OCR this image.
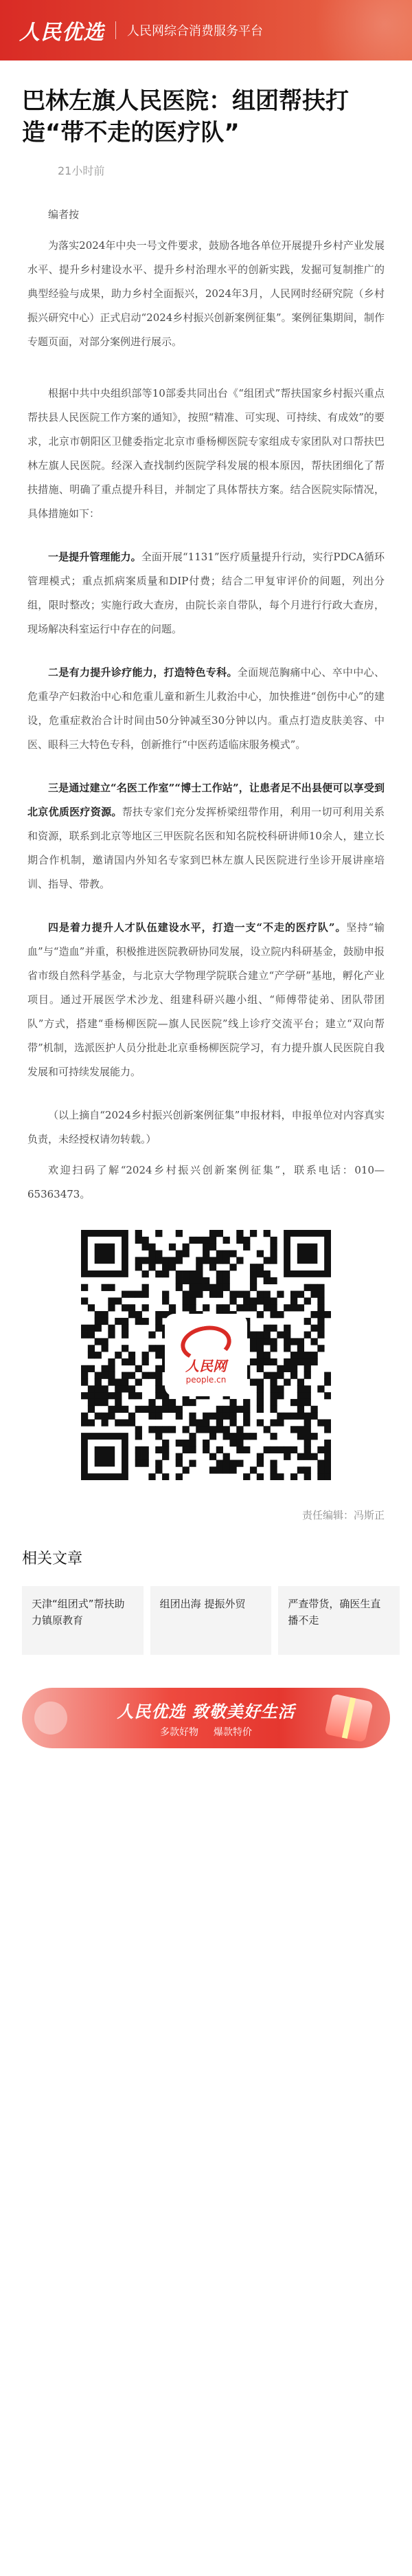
人民优选 人民网综合消费服务平台
巴林左旗人民医院：组团帮扶打造“带不走的医疗队”
21小时前

编者按

为落实2024年中央一号文件要求，鼓励各地各单位开展提升乡村产业发展水平、提升乡村建设水平、提升乡村治理水平的创新实践，发掘可复制推广的典型经验与成果，助力乡村全面振兴，2024年3月，人民网时经研究院（乡村振兴研究中心）正式启动“2024乡村振兴创新案例征集”。案例征集期间，制作专题页面，对部分案例进行展示。

根据中共中央组织部等10部委共同出台《“组团式”帮扶国家乡村振兴重点帮扶县人民医院工作方案的通知》，按照“精准、可实现、可持续、有成效”的要求，北京市朝阳区卫健委指定北京市垂杨柳医院专家组成专家团队对口帮扶巴林左旗人民医院。经深入查找制约医院学科发展的根本原因，帮扶团细化了帮扶措施、明确了重点提升科目，并制定了具体帮扶方案。结合医院实际情况，具体措施如下：

一是提升管理能力。全面开展“1131”医疗质量提升行动，实行PDCA循环管理模式；重点抓病案质量和DIP付费；结合二甲复审评价的间题，列出分组，限时整改；实施行政大查房，由院长亲自带队，每个月进行行政大查房，现场解决科室运行中存在的问题。

二是有力提升诊疗能力，打造特色专科。全面规范胸痛中心、卒中中心、危重孕产妇救治中心和危重儿童和新生儿救治中心，加快推进“创伤中心”的建设，危重症救治合计时间由50分钟减至30分钟以内。重点打造皮肤美容、中医、眼科三大特色专科，创新推行“中医药适临床服务模式”。

三是通过建立“名医工作室”“博士工作站”，让患者足不出县便可以享受到北京优质医疗资源。帮扶专家们充分发挥桥梁纽带作用，利用一切可利用关系和资源，联系到北京等地区三甲医院名医和知名院校科研讲师10余人，建立长期合作机制，邀请国内外知名专家到巴林左旗人民医院进行坐诊开展讲座培训、指导、带教。

四是着力提升人才队伍建设水平，打造一支“不走的医疗队”。坚持“输血”与“造血”并重，积极推进医院教研协同发展，设立院内科研基金，鼓励申报省市级自然科学基金，与北京大学物理学院联合建立“产学研”基地，孵化产业项目。通过开展医学术沙龙、组建科研兴趣小组、“师傅带徒弟、团队带团队”方式，搭建“垂杨柳医院—旗人民医院”线上诊疗交流平台；建立“双向帮带”机制，选派医护人员分批赴北京垂杨柳医院学习，有力提升旗人民医院自我发展和可持续发展能力。

（以上摘自“2024乡村振兴创新案例征集”申报材料，申报单位对内容真实负责，未经授权请勿转载。）

欢迎扫码了解“2024乡村振兴创新案例征集”，联系电话：010—65363473。

人民网
people.cn
责任编辑：冯斯正
相关文章
天津“组团式”帮扶助力镇原教育
组团出海 提振外贸	严查带货，确医生直播不走
人民优选 致敬美好生活
多款好物 爆款特价
